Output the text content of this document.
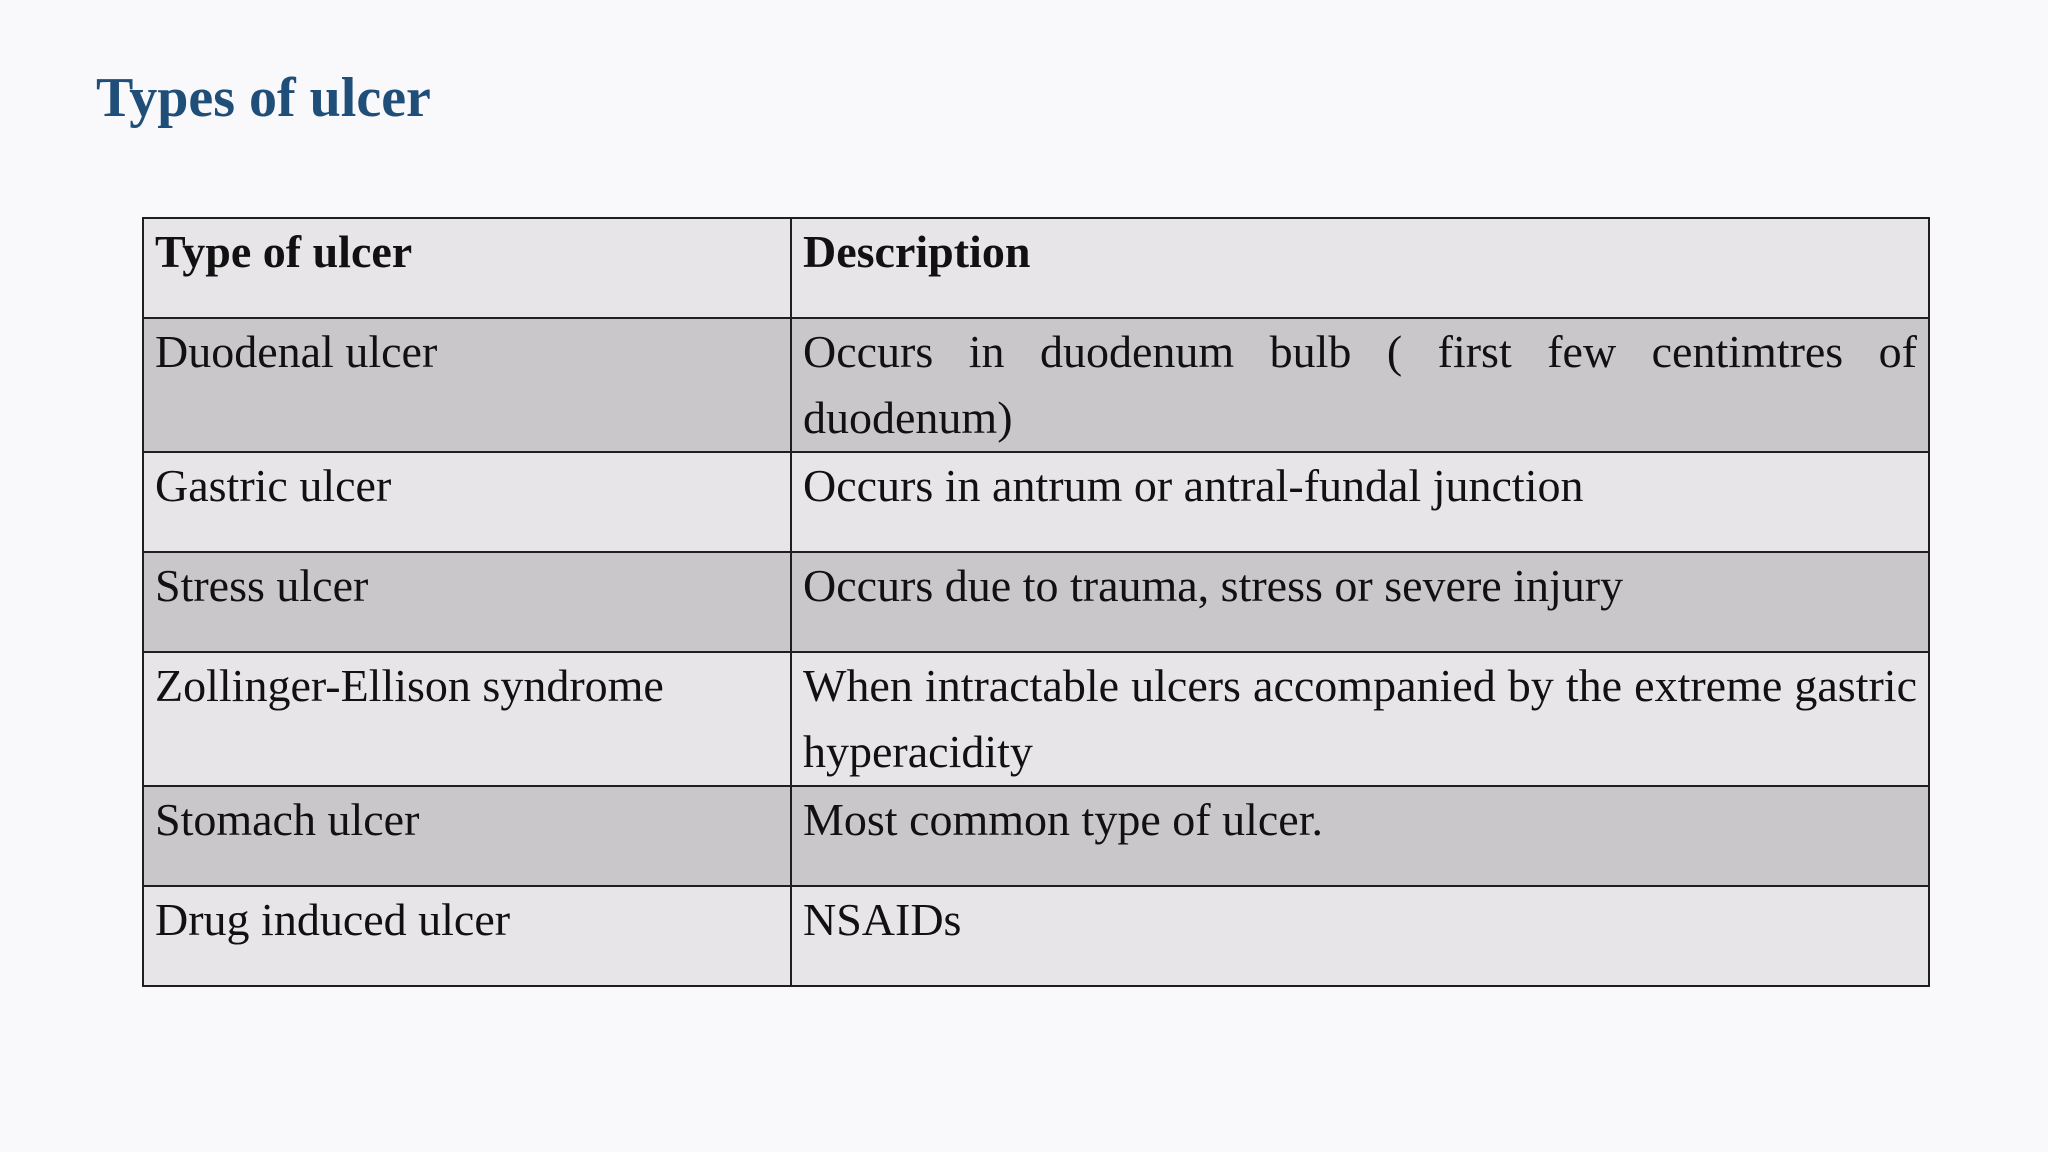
Types of ulcer
Type of ulcer	Description
Duodenal ulcer	Occurs in duodenum bulb ( first few centimtres of duodenum)
Gastric ulcer	Occurs in antrum or antral-fundal junction
Stress ulcer	Occurs due to trauma, stress or severe injury
Zollinger-Ellison syndrome	When intractable ulcers accompanied by the extreme gastric hyperacidity
Stomach ulcer	Most common type of ulcer.
Drug induced ulcer	NSAIDs
